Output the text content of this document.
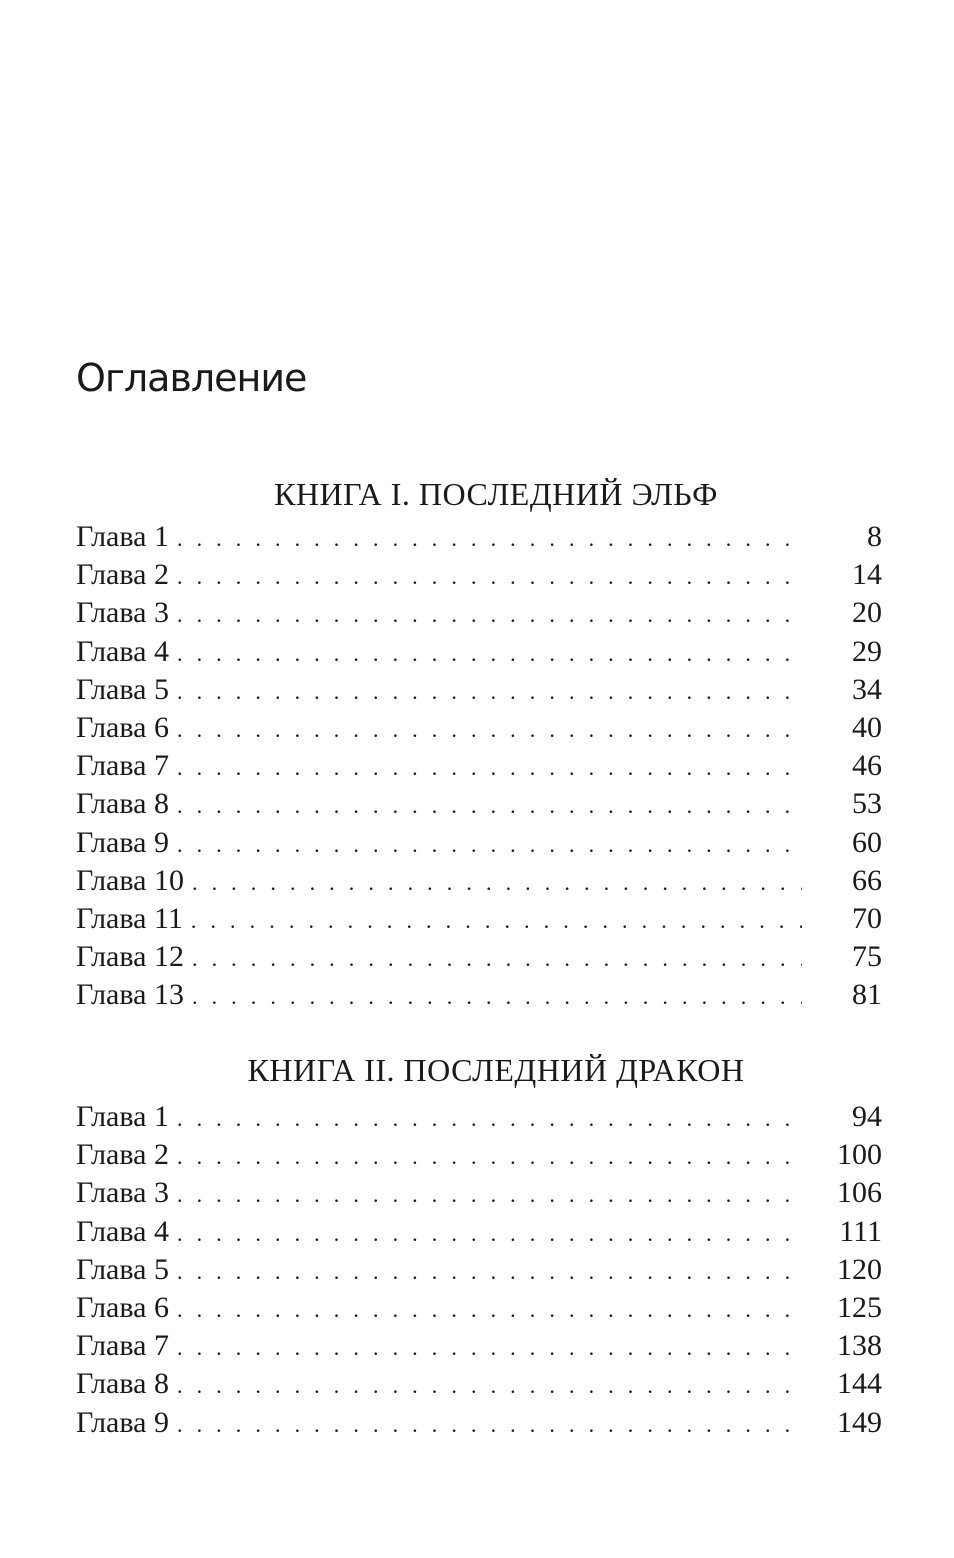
Оглавление
КНИГА I. ПОСЛЕДНИЙ ЭЛЬФ
Глава 1 . . .	8
Глава 2 . . .	14
Глава 3 . . .	20
Глава 4 . . .	29
Глава 5 . . .	34
Глава 6 . . .	40
Глава 7 . . .	46
Глава 8 . . .	53
Глава 9 . . .	60
Глава 10 . . .	66
Глава 11 . . .	70
Глава 12 . . .	75
Глава 13 . . .	81
КНИГА II. ПОСЛЕДНИЙ ДРАКОН
Глава 1 . . .	94
Глава 2 . . .	100
Глава 3 . . .	106
Глава 4 . . .	111
Глава 5 . . .	120
Глава 6 . . .	125
Глава 7 . . .	138
Глава 8 . . .	144
Глава 9 . . .	149
